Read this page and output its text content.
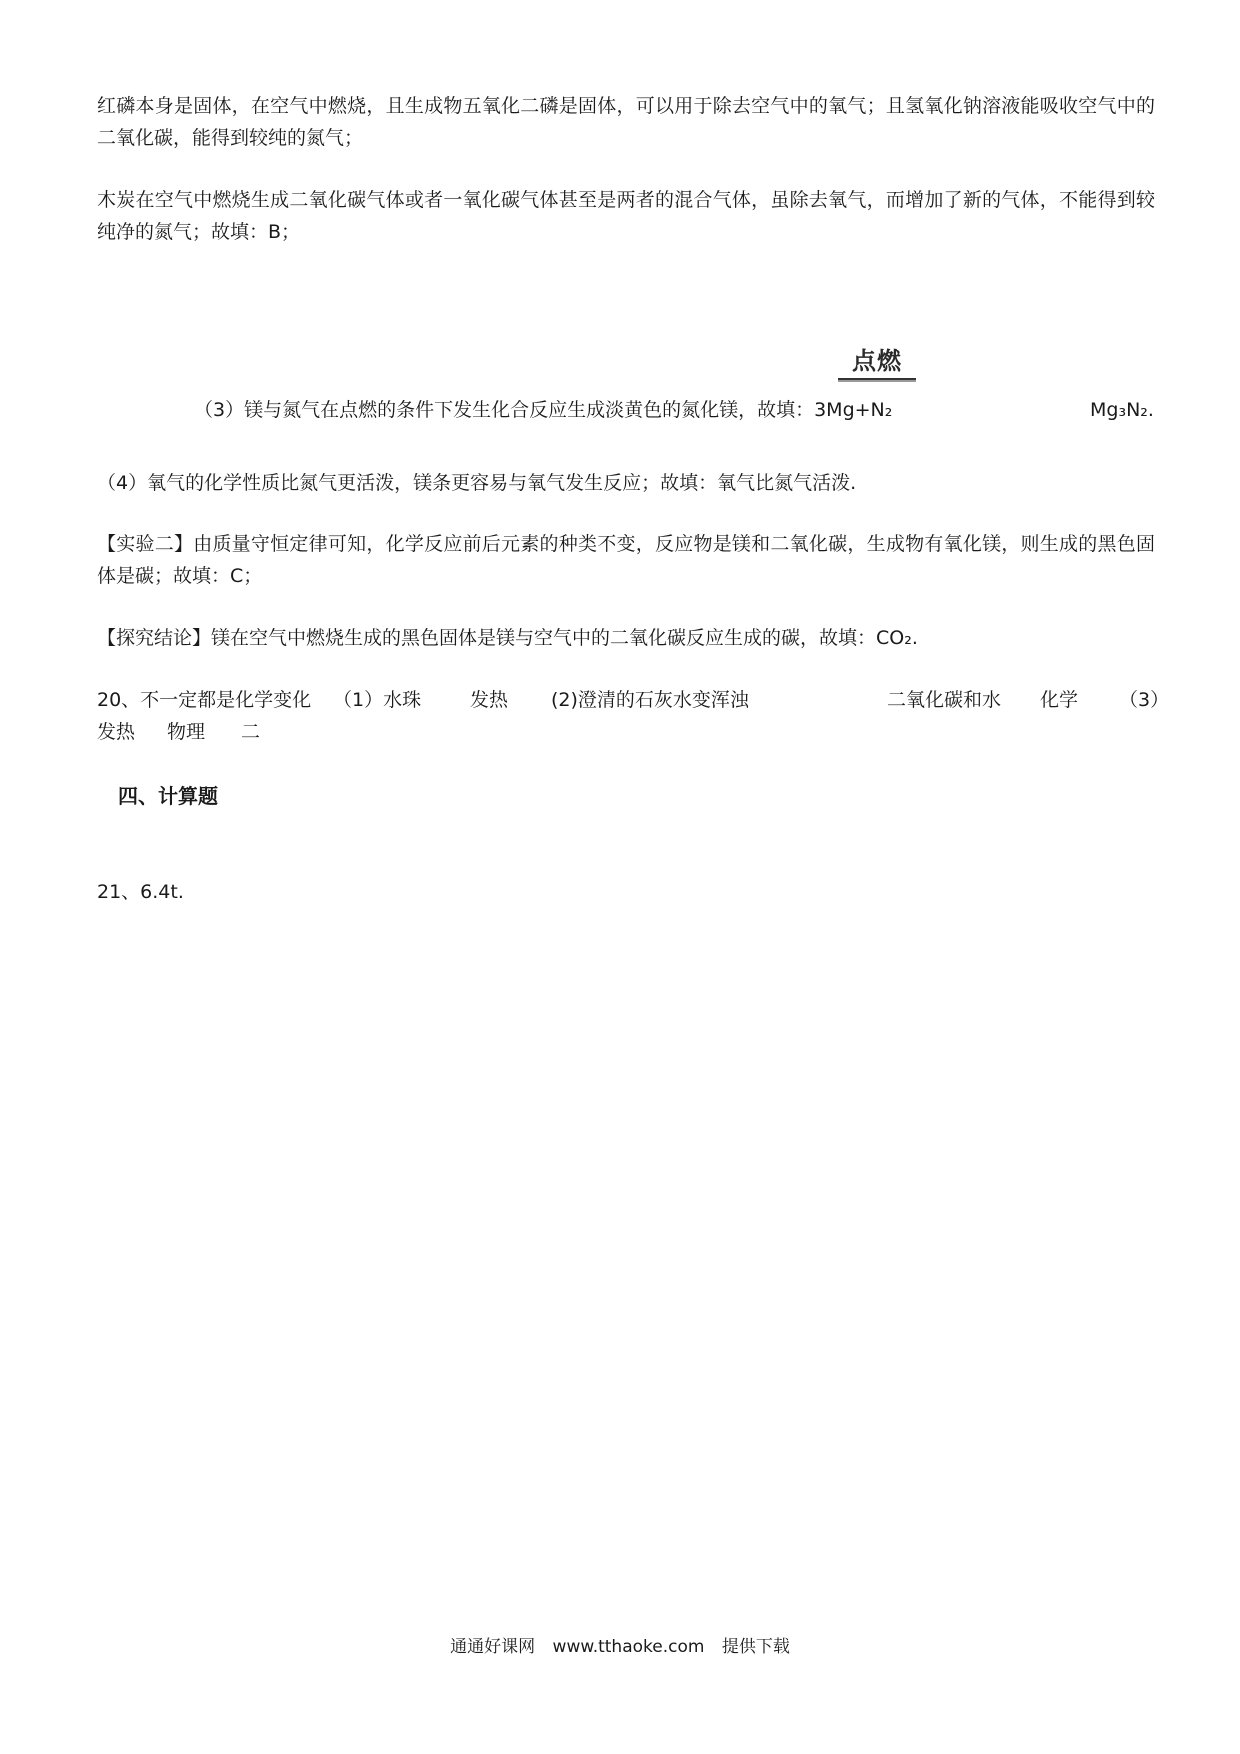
红磷本身是固体，在空气中燃烧，且生成物五氧化二磷是固体，可以用于除去空气中的氧气；且氢氧化钠溶液能吸收空气中的二氧化碳，能得到较纯的氮气；

木炭在空气中燃烧生成二氧化碳气体或者一氧化碳气体甚至是两者的混合气体，虽除去氧气，而增加了新的气体，不能得到较纯净的氮气；故填：B；

（3）镁与氮气在点燃的条件下发生化合反应生成淡黄色的氮化镁，故填：3Mg+N₂	Mg₃N₂.
点燃

（4）氧气的化学性质比氮气更活泼，镁条更容易与氧气发生反应；故填：氧气比氮气活泼.

【实验二】由质量守恒定律可知，化学反应前后元素的种类不变，反应物是镁和二氧化碳，生成物有氧化镁，则生成的黑色固体是碳；故填：C；

【探究结论】镁在空气中燃烧生成的黑色固体是镁与空气中的二氧化碳反应生成的碳，故填：CO₂.

20、不一定都是化学变化 （1）水珠	发热 (2)澄清的石灰水变浑浊	二氧化碳和水 化学 （3）
发热 物理 二
四、计算题
21、6.4t.
通通好课网 www.tthaoke.com 提供下载
